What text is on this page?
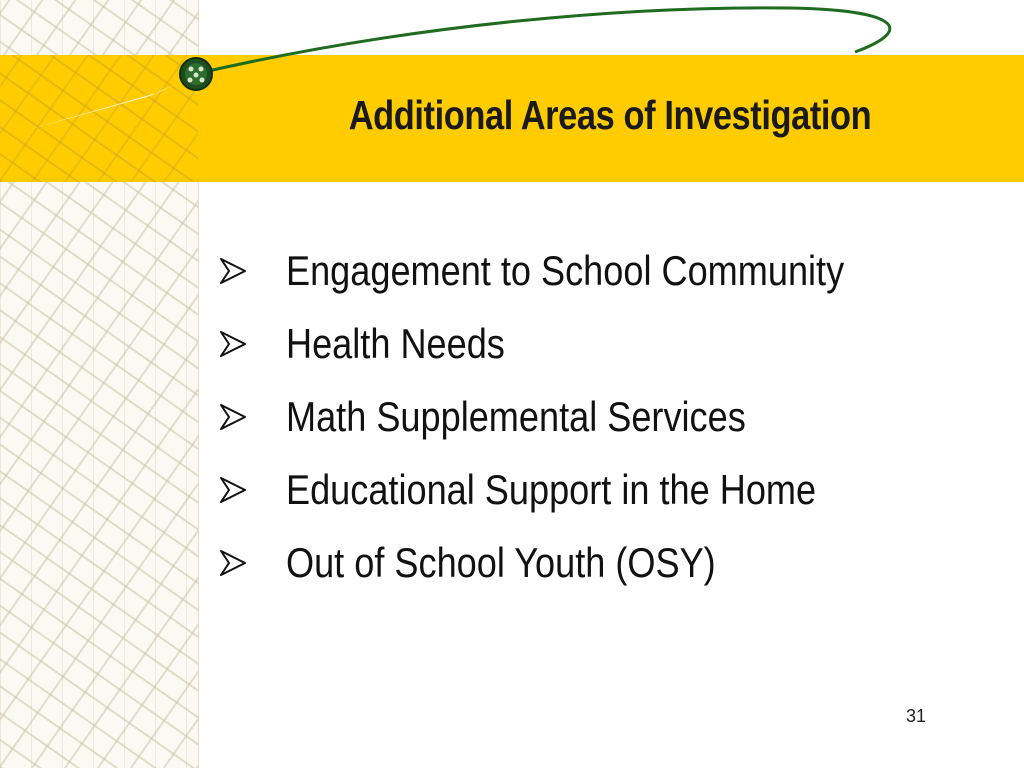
Additional Areas of Investigation
Engagement to School Community
Health Needs
Math Supplemental Services
Educational Support in the Home
Out of School Youth (OSY)
31
